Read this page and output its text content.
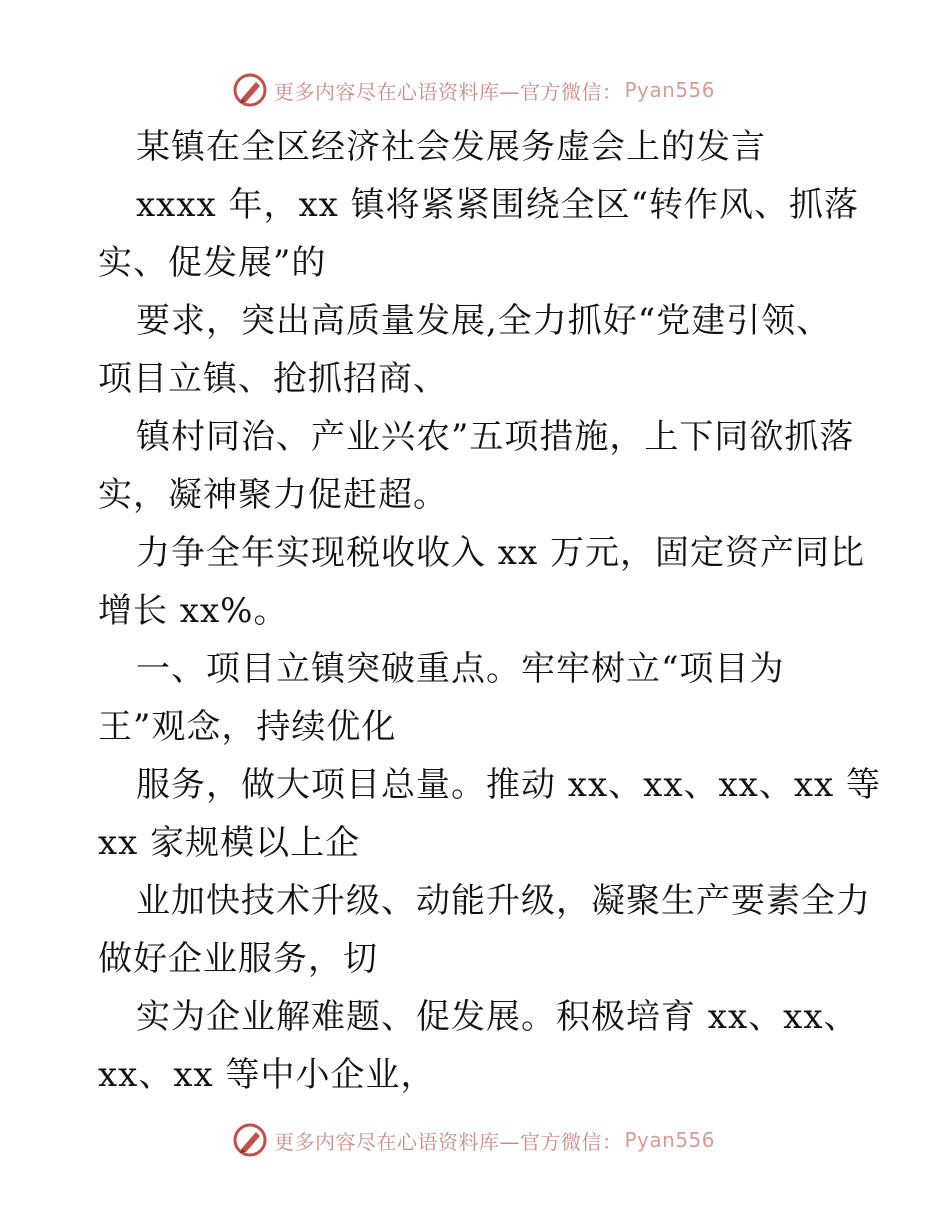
更多内容尽在心语资料库—官方微信： Pyan556
某镇在全区经济社会发展务虚会上的发言
xxxx 年，xx 镇将紧紧围绕全区“转作风、抓落
实、促发展”的
要求，突出高质量发展,全力抓好“党建引领、
项目立镇、抢抓招商、
镇村同治、产业兴农”五项措施，上下同欲抓落
实，凝神聚力促赶超。
力争全年实现税收收入 xx 万元，固定资产同比
增长 xx%。
一、项目立镇突破重点。牢牢树立“项目为
王”观念，持续优化
服务，做大项目总量。推动 xx、xx、xx、xx 等
xx 家规模以上企
业加快技术升级、动能升级，凝聚生产要素全力
做好企业服务，切
实为企业解难题、促发展。积极培育 xx、xx、
xx、xx 等中小企业，
更多内容尽在心语资料库—官方微信： Pyan556
